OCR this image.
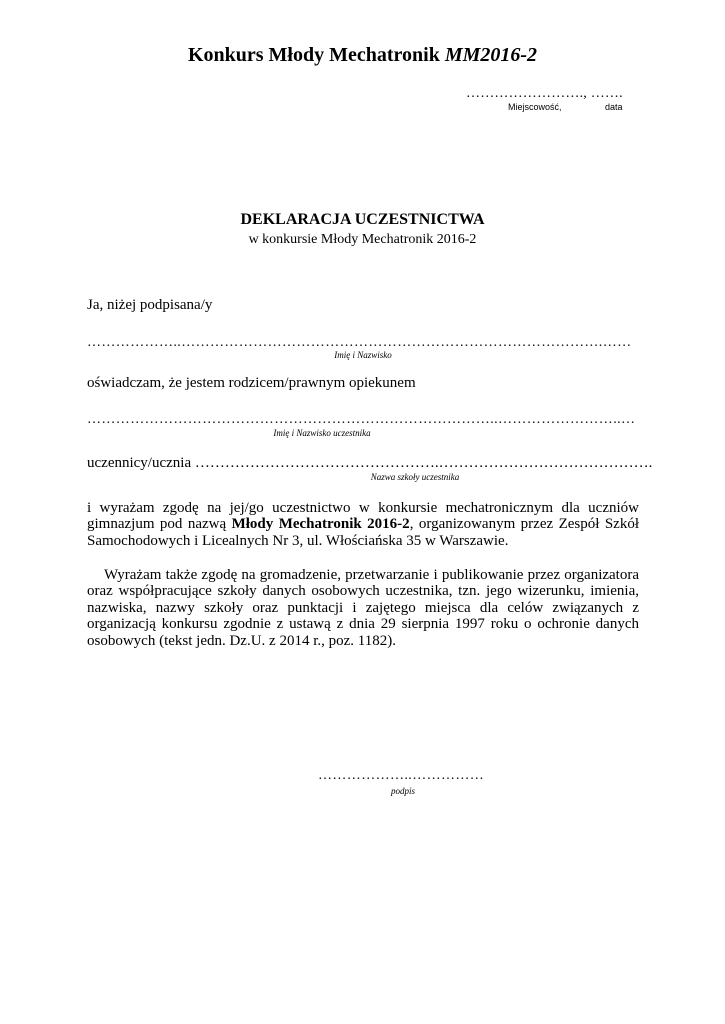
Konkurs Młody Mechatronik MM2016-2
……………………., …….
Miejscowość,	data
DEKLARACJA UCZESTNICTWA
w konkursie Młody Mechatronik 2016-2
Ja, niżej podpisana/y
………………..…………………………………………………………………………….……
Imię i Nazwisko
oświadczam, że jestem rodzicem/prawnym opiekunem
…………………………………………………………………………..……………………..…
Imię i Nazwisko uczestnika
uczennicy/ucznia ………………………………………….…………………………………….
Nazwa szkoły uczestnika
i wyrażam zgodę na jej/go uczestnictwo w konkursie mechatronicznym dla uczniów gimnazjum pod nazwą Młody Mechatronik 2016-2, organizowanym przez Zespół Szkół Samochodowych i Licealnych Nr 3, ul. Włościańska 35 w Warszawie.
Wyrażam także zgodę na gromadzenie, przetwarzanie i publikowanie przez organizatora oraz współpracujące szkoły danych osobowych uczestnika, tzn. jego wizerunku, imienia, nazwiska, nazwy szkoły oraz punktacji i zajętego miejsca dla celów związanych z organizacją konkursu zgodnie z ustawą z dnia 29 sierpnia 1997 roku o ochronie danych osobowych (tekst jedn. Dz.U. z 2014 r., poz. 1182).
………………..……………
podpis
